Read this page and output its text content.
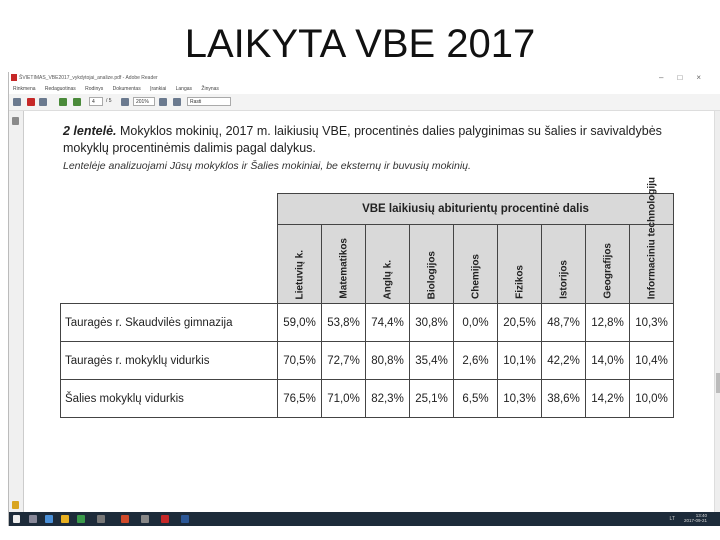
LAIKYTA VBE 2017
ŠVIETIMAS_VBE2017_vykdytojai_analize.pdf - Adobe Reader	–□×
Rinkmena Redaguotinas Rodinys Dokumentas Įrankiai Langas Žinynas
4	/ 5	201%	Rasti
2 lentelė. Mokyklos mokinių, 2017 m. laikiusių VBE, procentinės dalies palyginimas su šalies ir savivaldybės mokyklų procentinėmis dalimis pagal dalykus.
Lentelėje analizuojami Jūsų mokyklos ir Šalies mokiniai, be eksternų ir buvusių mokinių.
	VBE laikiusių abiturientų procentinė dalis								

	Lietuvių k.	Matematikos	Anglų k.	Biologijos	Chemijos	Fizikos	Istorijos	Geografijos	Informaciniu technologiju

Tauragės r. Skaudvilės gimnazija	59,0%	53,8%	74,4%	30,8%	0,0%	20,5%	48,7%	12,8%	10,3%
Tauragės r. mokyklų vidurkis	70,5%	72,7%	80,8%	35,4%	2,6%	10,1%	42,2%	14,0%	10,4%
Šalies mokyklų vidurkis	76,5%	71,0%	82,3%	25,1%	6,5%	10,3%	38,6%	14,2%	10,0%
LT
13:40
2017-09-21
